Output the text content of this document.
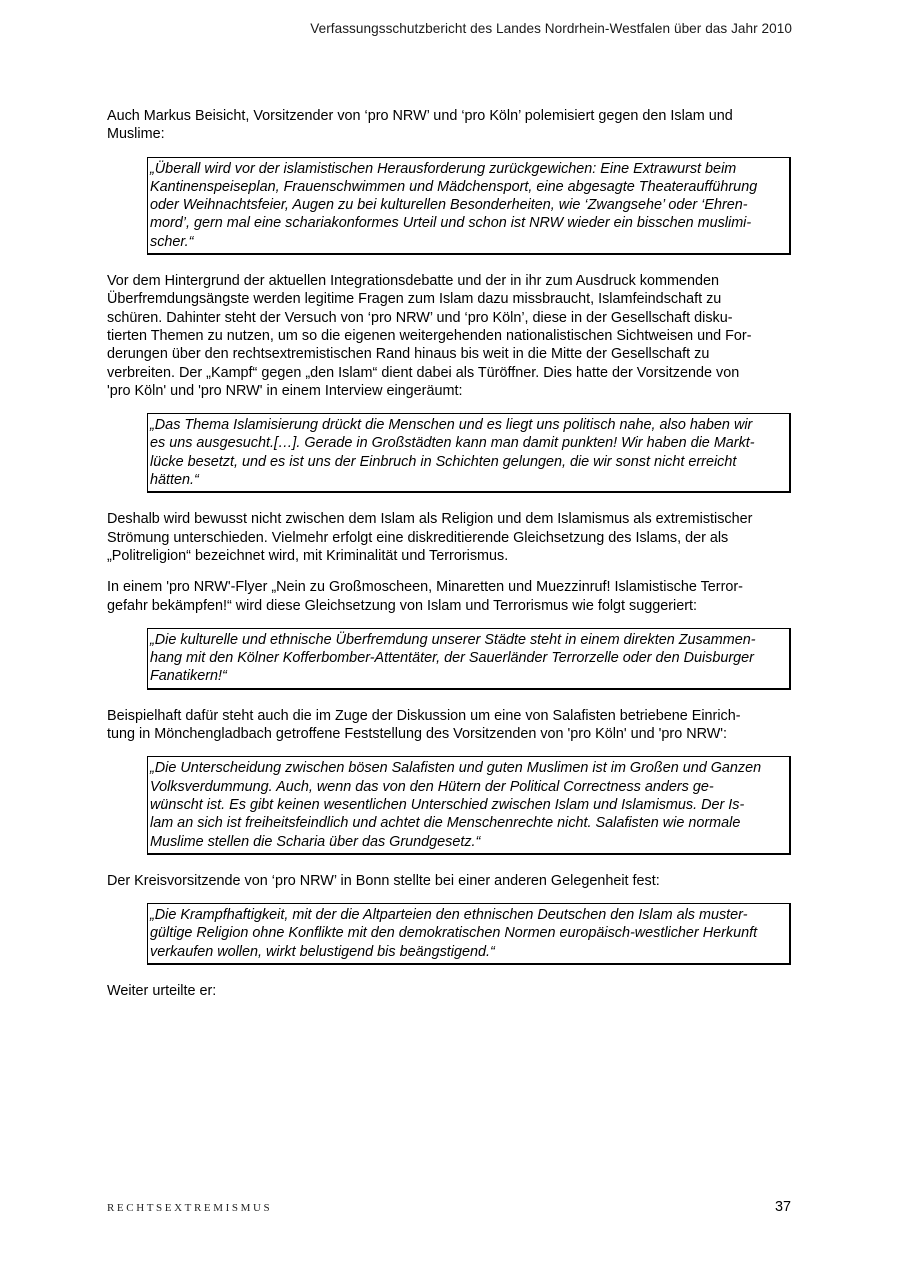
Verfassungsschutzbericht des Landes Nordrhein-Westfalen über das Jahr 2010

Auch Markus Beisicht, Vorsitzender von ‘pro NRW’ und ‘pro Köln’ polemisiert gegen den Islam und
Muslime:

„Überall wird vor der islamistischen Herausforderung zurückgewichen: Eine Extrawurst beim
Kantinenspeiseplan, Frauenschwimmen und Mädchensport, eine abgesagte Theateraufführung
oder Weihnachtsfeier, Augen zu bei kulturellen Besonderheiten, wie ‘Zwangsehe’ oder ‘Ehren-
mord’, gern mal eine schariakonformes Urteil und schon ist NRW wieder ein bisschen muslimi-
scher.“

Vor dem Hintergrund der aktuellen Integrationsdebatte und der in ihr zum Ausdruck kommenden
Überfremdungsängste werden legitime Fragen zum Islam dazu missbraucht, Islamfeindschaft zu
schüren. Dahinter steht der Versuch von ‘pro NRW’ und ‘pro Köln’, diese in der Gesellschaft disku-
tierten Themen zu nutzen, um so die eigenen weitergehenden nationalistischen Sichtweisen und For-
derungen über den rechtsextremistischen Rand hinaus bis weit in die Mitte der Gesellschaft zu
verbreiten. Der „Kampf“ gegen „den Islam“ dient dabei als Türöffner. Dies hatte der Vorsitzende von
'pro Köln' und 'pro NRW' in einem Interview eingeräumt:

„Das Thema Islamisierung drückt die Menschen und es liegt uns politisch nahe, also haben wir
es uns ausgesucht.[…]. Gerade in Großstädten kann man damit punkten! Wir haben die Markt-
lücke besetzt, und es ist uns der Einbruch in Schichten gelungen, die wir sonst nicht erreicht
hätten.“

Deshalb wird bewusst nicht zwischen dem Islam als Religion und dem Islamismus als extremistischer
Strömung unterschieden. Vielmehr erfolgt eine diskreditierende Gleichsetzung des Islams, der als
„Politreligion“ bezeichnet wird, mit Kriminalität und Terrorismus.

In einem 'pro NRW'-Flyer „Nein zu Großmoscheen, Minaretten und Muezzinruf! Islamistische Terror-
gefahr bekämpfen!“ wird diese Gleichsetzung von Islam und Terrorismus wie folgt suggeriert:

„Die kulturelle und ethnische Überfremdung unserer Städte steht in einem direkten Zusammen-
hang mit den Kölner Kofferbomber-Attentäter, der Sauerländer Terrorzelle oder den Duisburger
Fanatikern!“

Beispielhaft dafür steht auch die im Zuge der Diskussion um eine von Salafisten betriebene Einrich-
tung in Mönchengladbach getroffene Feststellung des Vorsitzenden von 'pro Köln' und 'pro NRW':

„Die Unterscheidung zwischen bösen Salafisten und guten Muslimen ist im Großen und Ganzen
Volksverdummung. Auch, wenn das von den Hütern der Political Correctness anders ge-
wünscht ist. Es gibt keinen wesentlichen Unterschied zwischen Islam und Islamismus. Der Is-
lam an sich ist freiheitsfeindlich und achtet die Menschenrechte nicht. Salafisten wie normale
Muslime stellen die Scharia über das Grundgesetz.“

Der Kreisvorsitzende von ‘pro NRW’ in Bonn stellte bei einer anderen Gelegenheit fest:

„Die Krampfhaftigkeit, mit der die Altparteien den ethnischen Deutschen den Islam als muster-
gültige Religion ohne Konflikte mit den demokratischen Normen europäisch-westlicher Herkunft
verkaufen wollen, wirkt belustigend bis beängstigend.“

Weiter urteilte er:

RECHTSEXTREMISMUS	37
